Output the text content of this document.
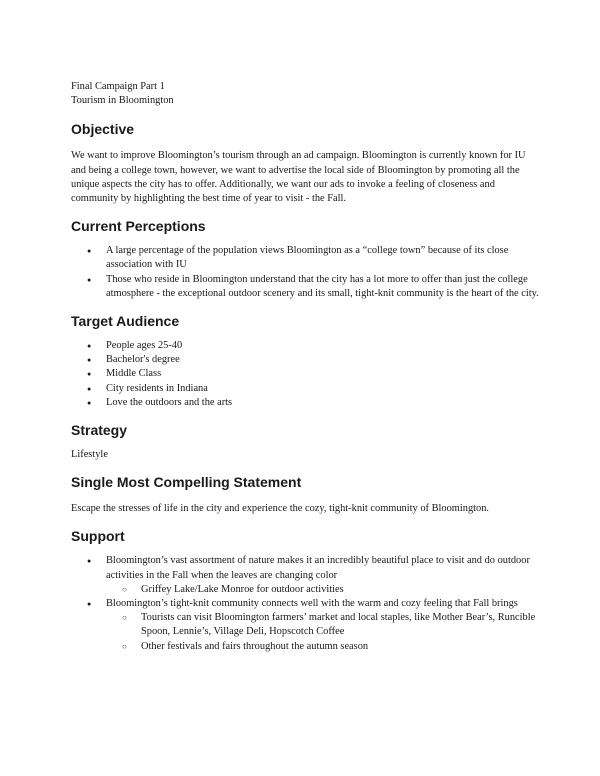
Final Campaign Part 1

Tourism in Bloomington

Objective

We want to improve Bloomington’s tourism through an ad campaign. Bloomington is currently known for IU and being a college town, however, we want to advertise the local side of Bloomington by promoting all the unique aspects the city has to offer. Additionally, we want our ads to invoke a feeling of closeness and community by highlighting the best time of year to visit - the Fall.

Current Perceptions
● A large percentage of the population views Bloomington as a “college town” because of its close association with IU
● Those who reside in Bloomington understand that the city has a lot more to offer than just the college atmosphere - the exceptional outdoor scenery and its small, tight-knit community is the heart of the city.
Target Audience
● People ages 25-40
● Bachelor's degree
● Middle Class
● City residents in Indiana
● Love the outdoors and the arts
Strategy

Lifestyle

Single Most Compelling Statement

Escape the stresses of life in the city and experience the cozy, tight-knit community of Bloomington.

Support
● Bloomington’s vast assortment of nature makes it an incredibly beautiful place to visit and do outdoor activities in the Fall when the leaves are changing color
○ Griffey Lake/Lake Monroe for outdoor activities
● Bloomington’s tight-knit community connects well with the warm and cozy feeling that Fall brings
○ Tourists can visit Bloomington farmers’ market and local staples, like Mother Bear’s, Runcible Spoon, Lennie’s, Village Deli, Hopscotch Coffee
○ Other festivals and fairs throughout the autumn season
